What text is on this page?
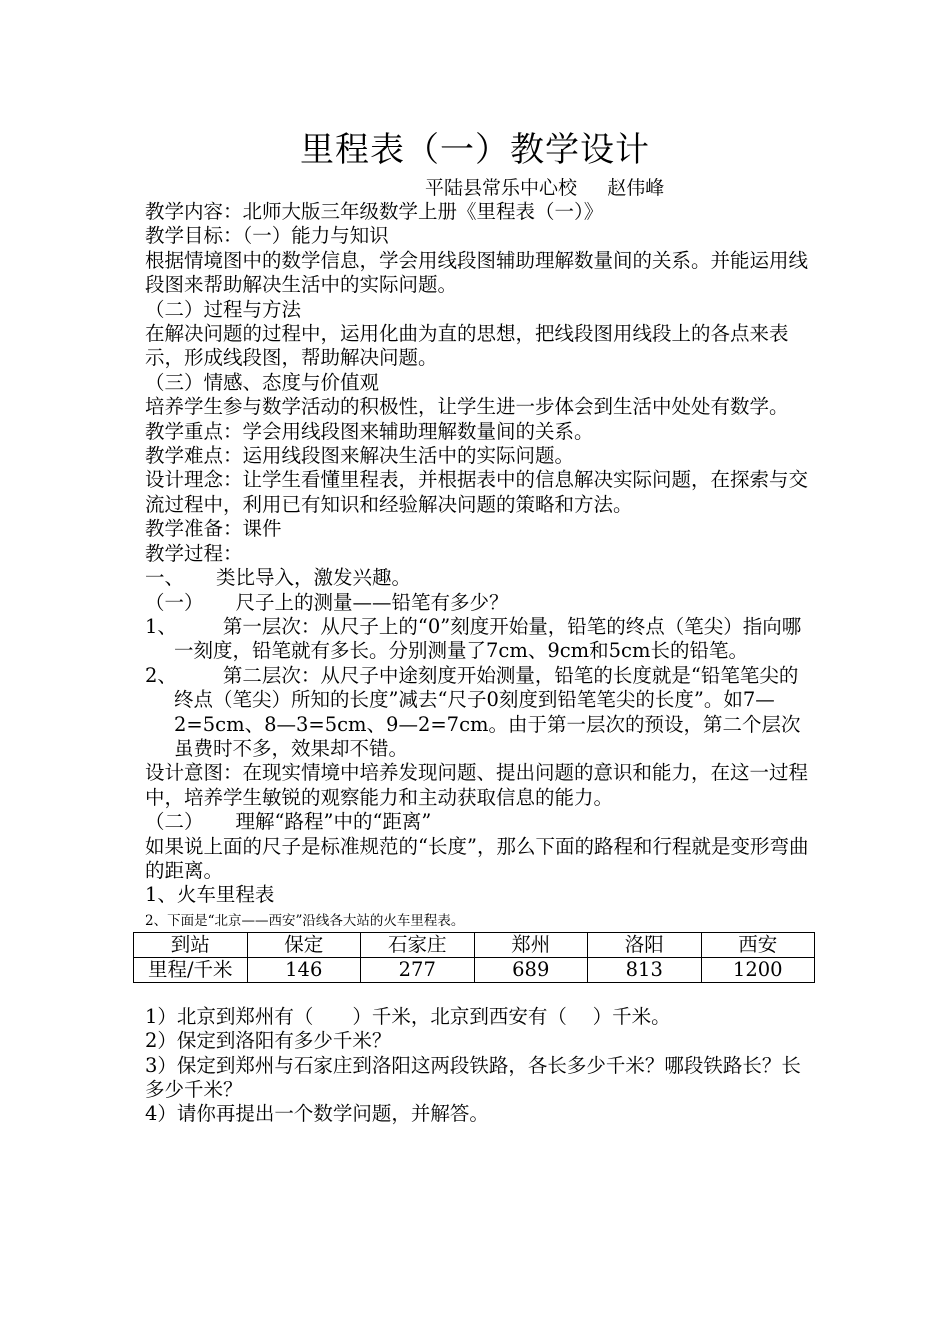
里程表（一）教学设计
平陆县常乐中心校     赵伟峰

教学内容：北师大版三年级数学上册《里程表（一）》

教学目标：（一）能力与知识

根据情境图中的数学信息，学会用线段图辅助理解数量间的关系。并能运用线段图来帮助解决生活中的实际问题。

（二）过程与方法

在解决问题的过程中，运用化曲为直的思想，把线段图用线段上的各点来表示，形成线段图，帮助解决问题。

（三）情感、态度与价值观

培养学生参与数学活动的积极性，让学生进一步体会到生活中处处有数学。

教学重点：学会用线段图来辅助理解数量间的关系。

教学难点：运用线段图来解决生活中的实际问题。

设计理念：让学生看懂里程表，并根据表中的信息解决实际问题，在探索与交流过程中，利用已有知识和经验解决问题的策略和方法。

教学准备：课件

教学过程：

一、 类比导入，激发兴趣。

（一） 尺子上的测量——铅笔有多少？

1、 第一层次：从尺子上的“0”刻度开始量，铅笔的终点（笔尖）指向哪一刻度，铅笔就有多长。分别测量了7cm、9cm和5cm长的铅笔。

2、 第二层次：从尺子中途刻度开始测量，铅笔的长度就是“铅笔笔尖的终点（笔尖）所知的长度”减去“尺子0刻度到铅笔笔尖的长度”。如7—2=5cm、8—3=5cm、9—2=7cm。由于第一层次的预设，第二个层次虽费时不多，效果却不错。

设计意图：在现实情境中培养发现问题、提出问题的意识和能力，在这一过程中，培养学生敏锐的观察能力和主动获取信息的能力。

（二） 理解“路程”中的“距离”

如果说上面的尺子是标准规范的“长度”，那么下面的路程和行程就是变形弯曲的距离。

1、火车里程表

2、下面是“北京——西安”沿线各大站的火车里程表。

到站	保定	石家庄	郑州	洛阳	西安
里程/千米	146	277	689	813	1200

1）北京到郑州有（　　）千米，北京到西安有（　 ）千米。

2）保定到洛阳有多少千米？

3）保定到郑州与石家庄到洛阳这两段铁路，各长多少千米？哪段铁路长？长多少千米？

4）请你再提出一个数学问题，并解答。
